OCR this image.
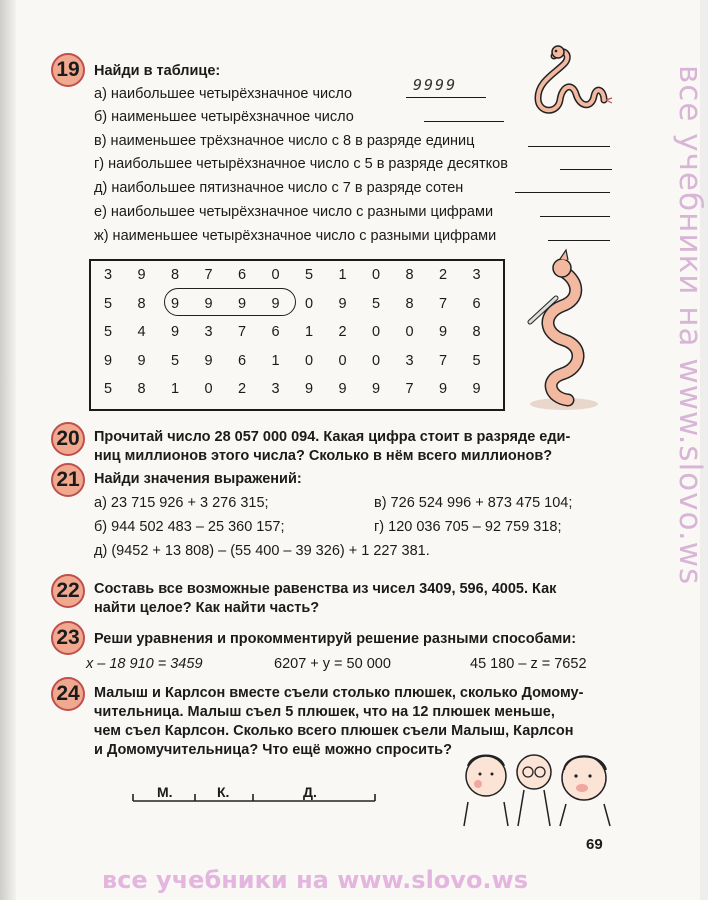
19 Найди в таблице:
а) наибольшее четырёхзначное число	9999
б) наименьшее четырёхзначное число
в) наименьшее трёхзначное число с 8 в разряде единиц
г) наибольшее четырёхзначное число с 5 в разряде десятков
д) наибольшее пятизначное число с 7 в разряде сотен
е) наибольшее четырёхзначное число с разными цифрами
ж) наименьшее четырёхзначное число с разными цифрами
3	9	8	7	6	0	5	1	0	8	2	3
5	8	9	9	9	9	0	9	5	8	7	6
5	4	9	3	7	6	1	2	0	0	9	8
9	9	5	9	6	1	0	0	0	3	7	5
5	8	1	0	2	3	9	9	9	7	9	9
20 Прочитай число 28 057 000 094. Какая цифра стоит в разряде еди-
ниц миллионов этого числа? Сколько в нём всего миллионов?
21 Найди значения выражений:
а) 23 715 926 + 3 276 315;
б) 944 502 483 – 25 360 157;
в) 726 524 996 + 873 475 104;
г) 120 036 705 – 92 759 318;
д) (9452 + 13 808) – (55 400 – 39 326) + 1 227 381.
22 Составь все возможные равенства из чисел 3409, 596, 4005. Как
найти целое? Как найти часть?
23 Реши уравнения и прокомментируй решение разными способами:
x – 18 910 = 3459	6207 + y = 50 000	45 180 – z = 7652
24 Малыш и Карлсон вместе съели столько плюшек, сколько Домому-
чительница. Малыш съел 5 плюшек, что на 12 плюшек меньше,
чем съел Карлсон. Сколько всего плюшек съели Малыш, Карлсон
и Домомучительница? Что ещё можно спросить?
М.	К.	Д.
69
все учебники на www.slovo.ws
все учебники на www.slovo.ws
